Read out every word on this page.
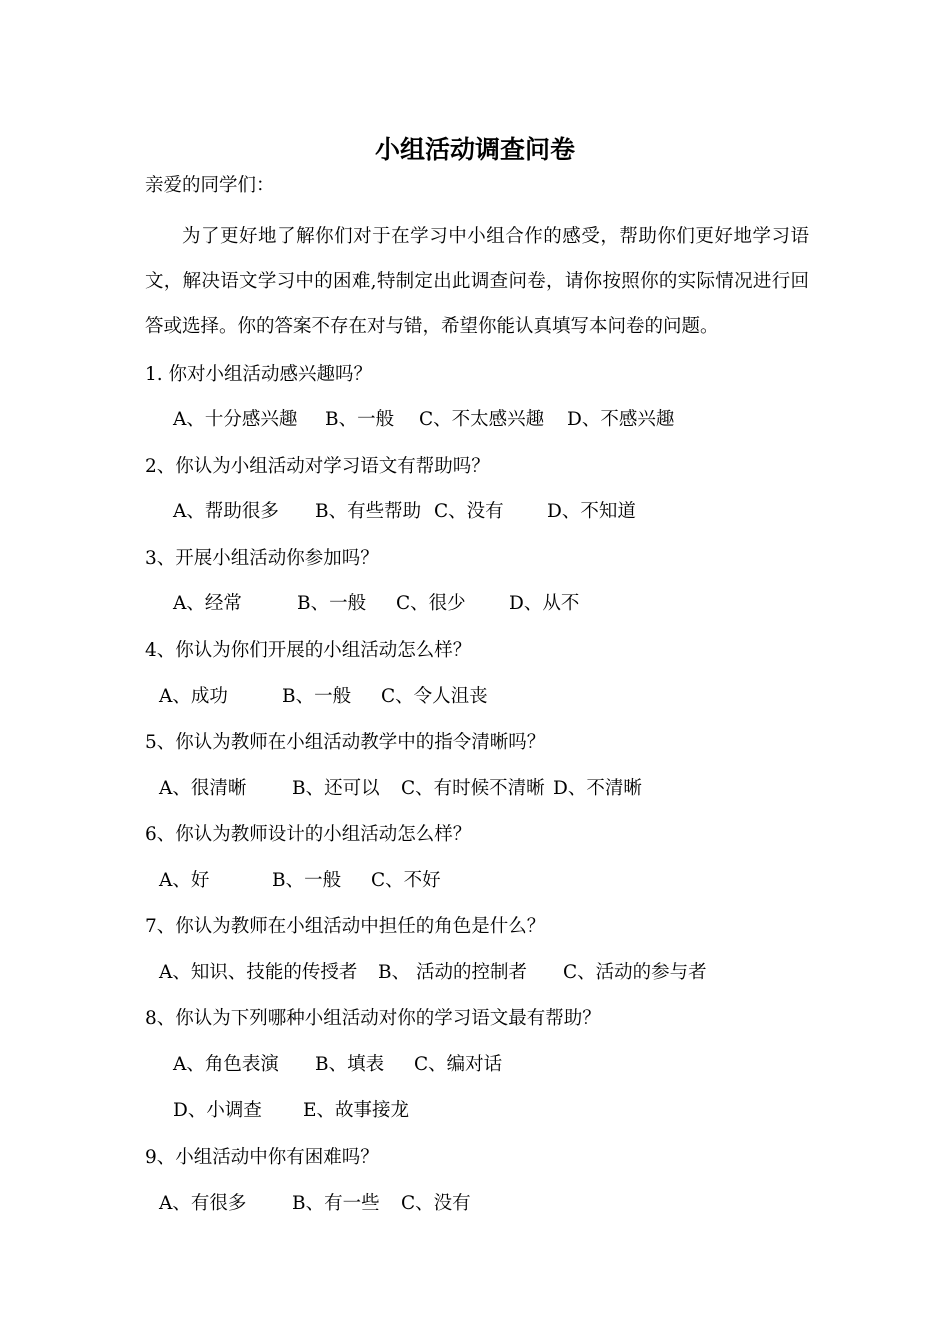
小组活动调查问卷
亲爱的同学们：
为了更好地了解你们对于在学习中小组合作的感受，帮助你们更好地学习语文，解决语文学习中的困难,特制定出此调查问卷，请你按照你的实际情况进行回答或选择。你的答案不存在对与错，希望你能认真填写本问卷的问题。
1. 你对小组活动感兴趣吗？
A、十分感兴趣 B、一般 C、不太感兴趣 D、不感兴趣
2、你认为小组活动对学习语文有帮助吗？
A、帮助很多 B、有些帮助 C、没有 D、不知道
3、开展小组活动你参加吗？
A、经常	B、一般 C、很少 D、从不
4、你认为你们开展的小组活动怎么样？
A、成功	B、一般 C、令人沮丧
5、你认为教师在小组活动教学中的指令清晰吗？
A、很清晰 B、还可以 C、有时候不清晰 D、不清晰
6、你认为教师设计的小组活动怎么样？
A、好	B、一般 C、不好
7、你认为教师在小组活动中担任的角色是什么？
A、知识、技能的传授者 B、 活动的控制者 C、活动的参与者
8、你认为下列哪种小组活动对你的学习语文最有帮助？
A、角色表演 B、填表 C、编对话
D、小调查 E、故事接龙
9、小组活动中你有困难吗？
A、有很多 B、有一些 C、没有
